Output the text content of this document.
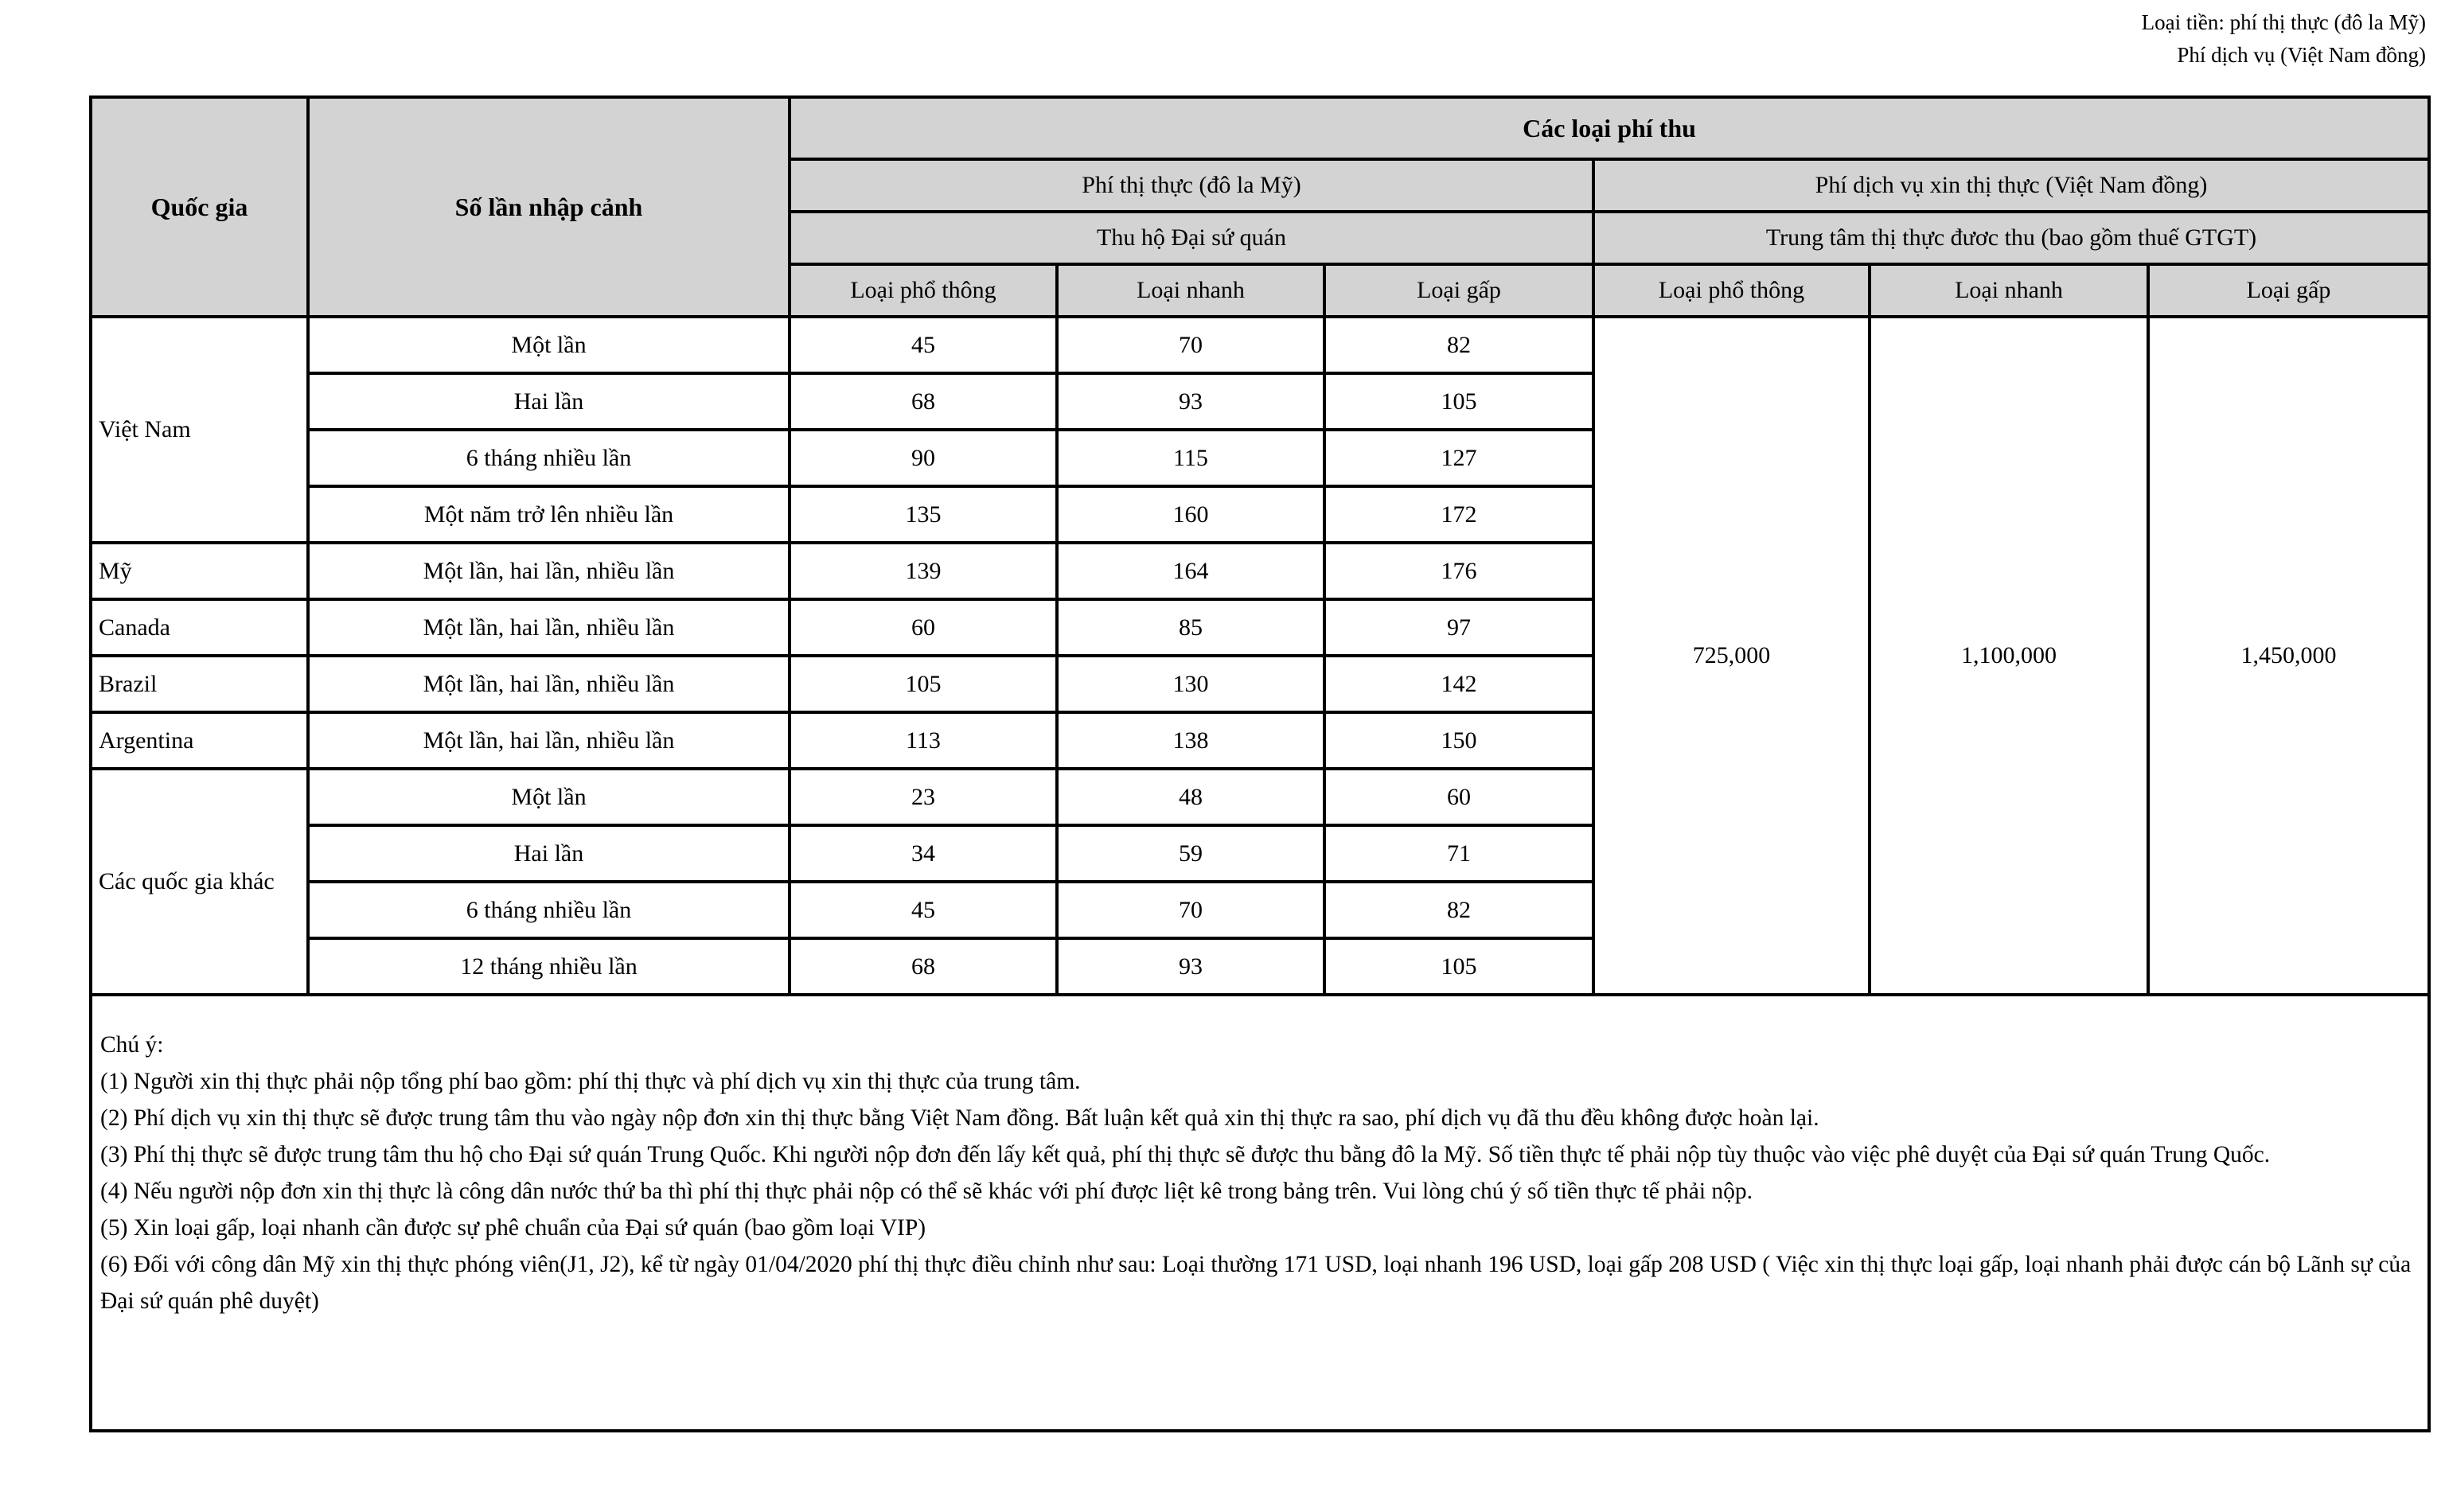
Loại tiền: phí thị thực (đô la Mỹ)
Phí dịch vụ (Việt Nam đồng)
Quốc gia	Số lần nhập cảnh	Các loại phí thu					
		Phí thị thực (đô la Mỹ)			Phí dịch vụ xin thị thực (Việt Nam đồng)		
		Thu hộ Đại sứ quán			Trung tâm thị thực đươc thu (bao gồm thuế GTGT)		
		Loại phổ thông	Loại nhanh	Loại gấp	Loại phổ thông	Loại nhanh	Loại gấp
Việt Nam	Một lần	45	70	82	725,000	1,100,000	1,450,000
	Hai lần	68	93	105			
	6 tháng nhiều lần	90	115	127			
	Một năm trở lên nhiều lần	135	160	172			
Mỹ	Một lần, hai lần, nhiều lần	139	164	176			
Canada	Một lần, hai lần, nhiều lần	60	85	97			
Brazil	Một lần, hai lần, nhiều lần	105	130	142			
Argentina	Một lần, hai lần, nhiều lần	113	138	150			
Các quốc gia khác	Một lần	23	48	60			
	Hai lần	34	59	71			
	6 tháng nhiều lần	45	70	82			
	12 tháng nhiều lần	68	93	105			

Chú ý:
(1) Người xin thị thực phải nộp tổng phí bao gồm: phí thị thực và phí dịch vụ xin thị thực của trung tâm.
(2) Phí dịch vụ xin thị thực sẽ được trung tâm thu vào ngày nộp đơn xin thị thực bằng Việt Nam đồng. Bất luận kết quả xin thị thực ra sao, phí dịch vụ đã thu đều không được hoàn lại.
(3) Phí thị thực sẽ được trung tâm thu hộ cho Đại sứ quán Trung Quốc. Khi người nộp đơn đến lấy kết quả, phí thị thực sẽ được thu bằng đô la Mỹ. Số tiền thực tế phải nộp tùy thuộc vào việc phê duyệt của Đại sứ quán Trung Quốc.
(4) Nếu người nộp đơn xin thị thực là công dân nước thứ ba thì phí thị thực phải nộp có thể sẽ khác với phí được liệt kê trong bảng trên. Vui lòng chú ý số tiền thực tế phải nộp.
(5) Xin loại gấp, loại nhanh cần được sự phê chuẩn của Đại sứ quán (bao gồm loại VIP)
(6) Đối với công dân Mỹ xin thị thực phóng viên(J1, J2), kể từ ngày 01/04/2020 phí thị thực điều chỉnh như sau: Loại thường 171 USD, loại nhanh 196 USD, loại gấp 208 USD ( Việc xin thị thực loại gấp, loại nhanh phải được cán bộ Lãnh sự của Đại sứ quán phê duyệt)
